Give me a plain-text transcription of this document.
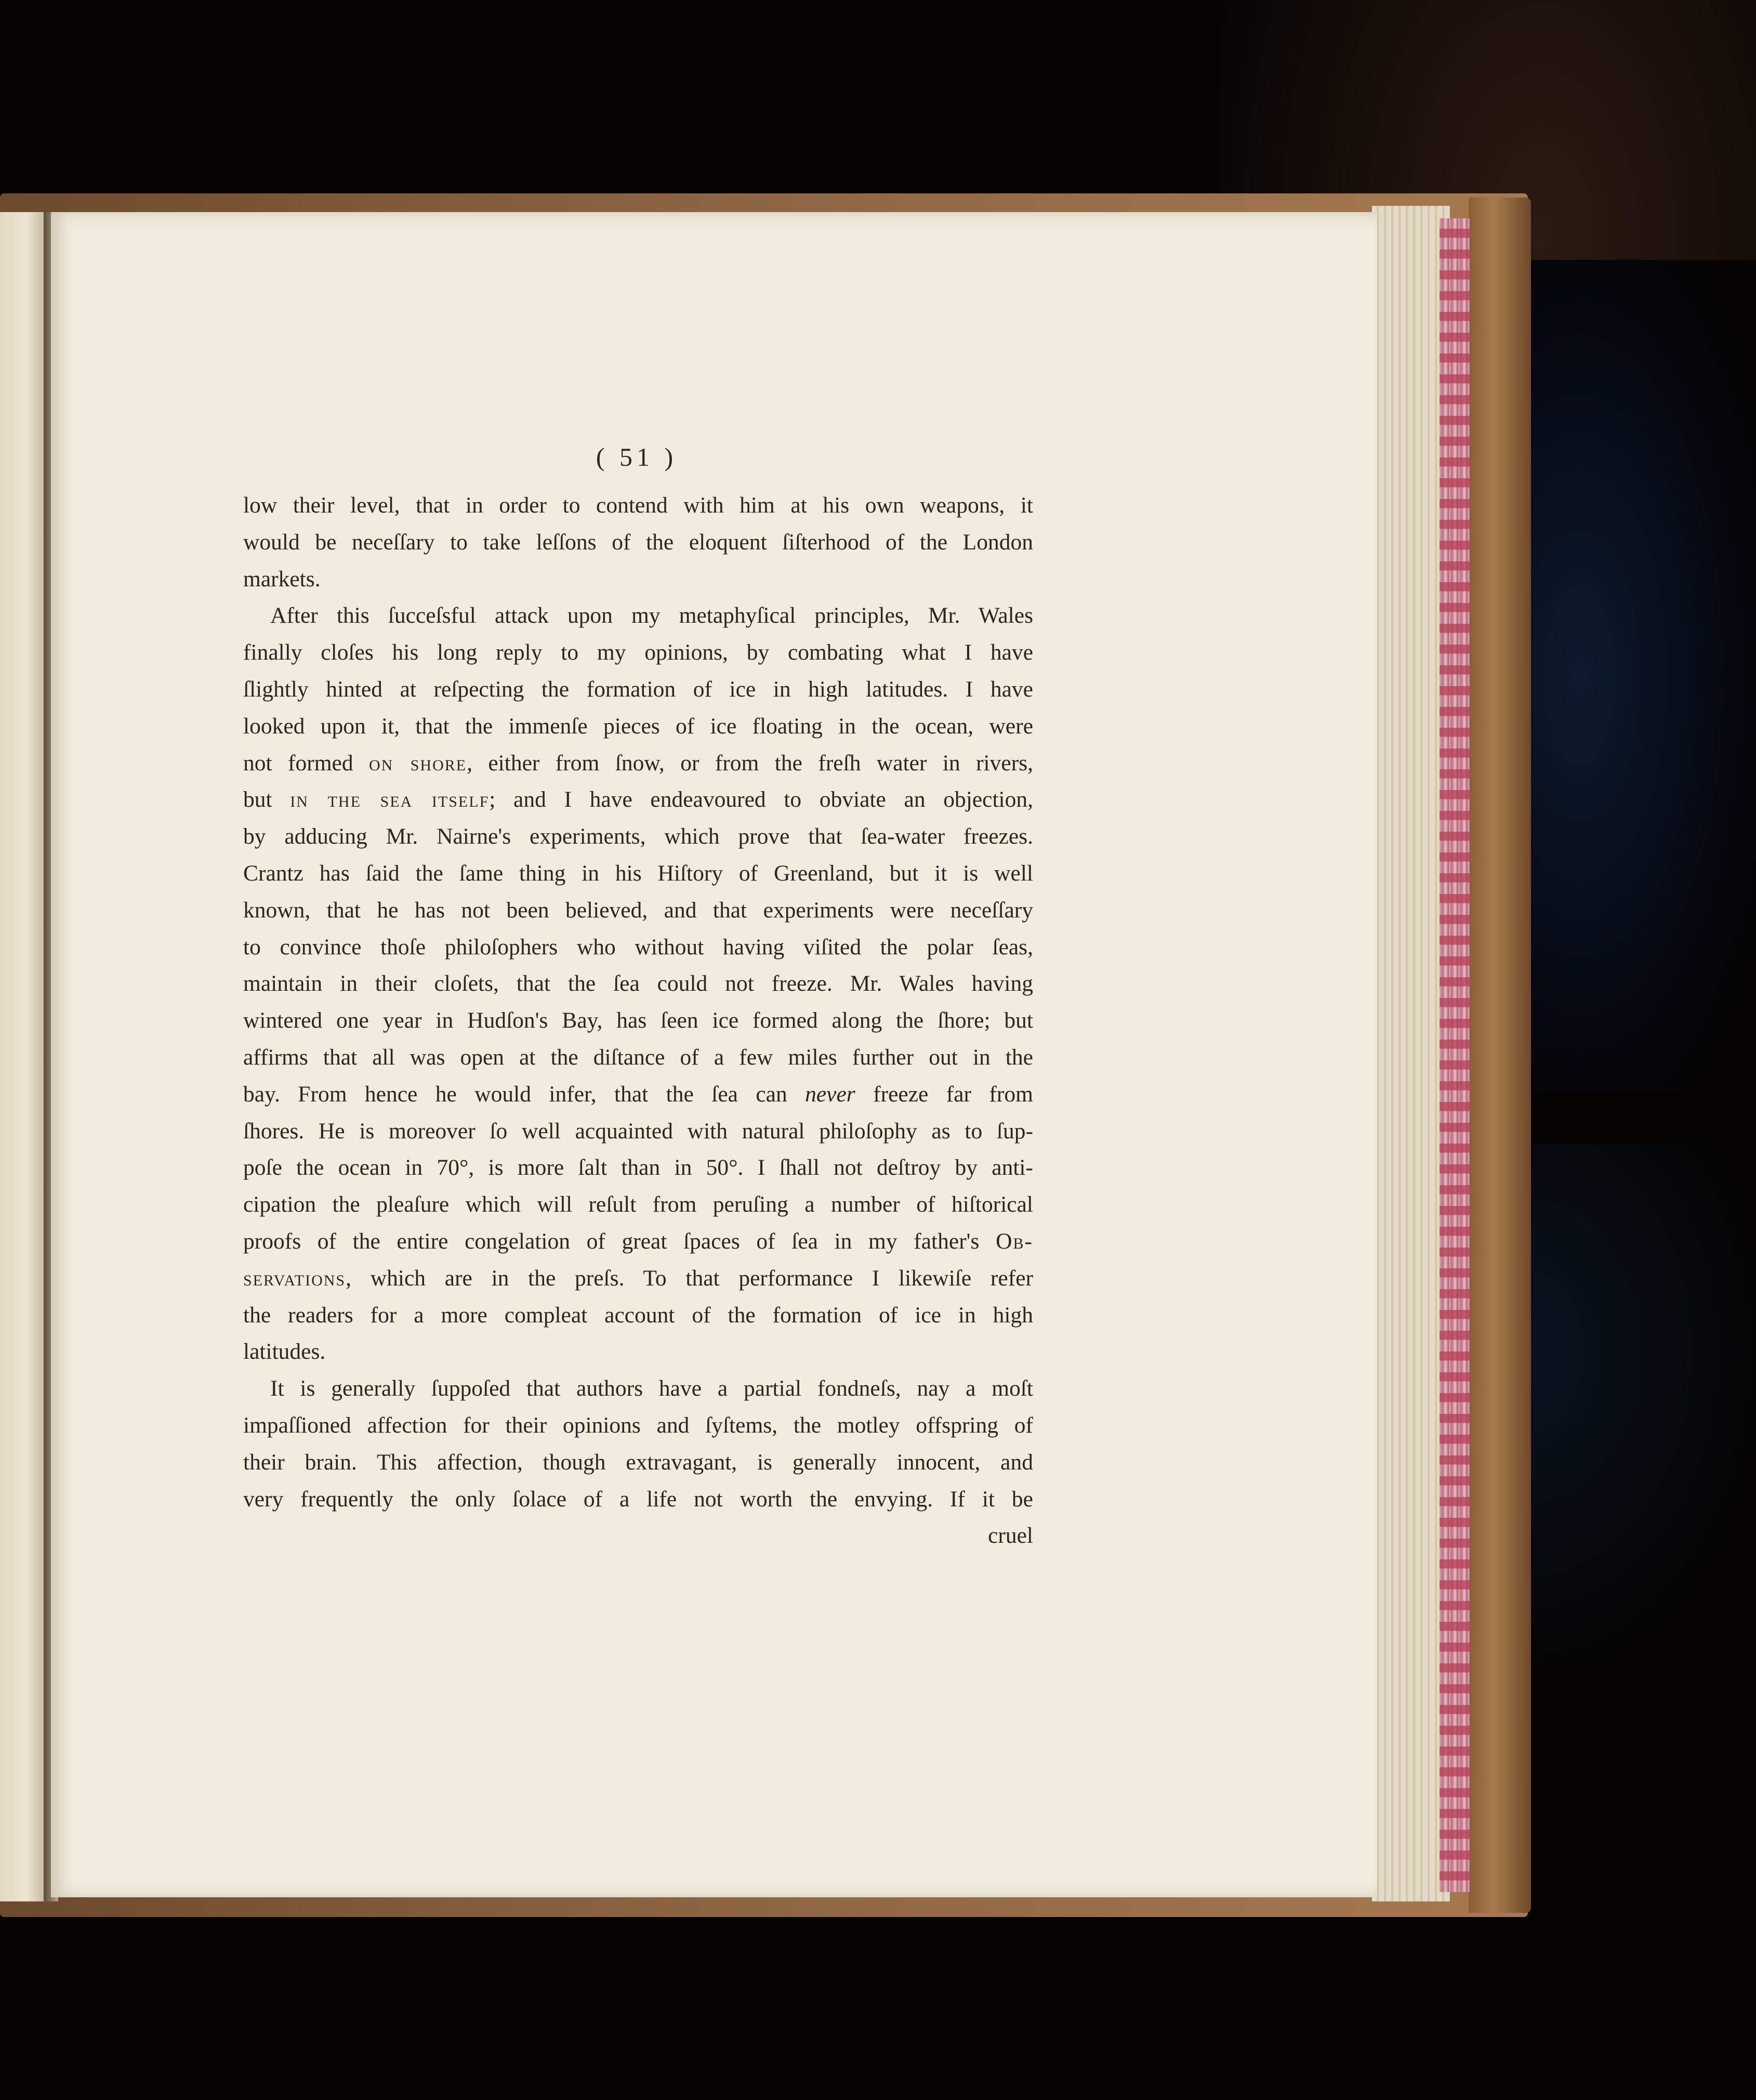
( 51 )
low their level, that in order to contend with him at his own weapons, it
would be neceſſary to take leſſons of the eloquent ſiſterhood of the London
markets.
After this ſucceſsful attack upon my metaphyſical principles, Mr. Wales
finally cloſes his long reply to my opinions, by combating what I have
ſlightly hinted at reſpecting the formation of ice in high latitudes. I have
looked upon it, that the immenſe pieces of ice floating in the ocean, were
not formed on shore, either from ſnow, or from the freſh water in rivers,
but in the sea itself; and I have endeavoured to obviate an objection,
by adducing Mr. Nairne's experiments, which prove that ſea-water freezes.
Crantz has ſaid the ſame thing in his Hiſtory of Greenland, but it is well
known, that he has not been believed, and that experiments were neceſſary
to convince thoſe philoſophers who without having viſited the polar ſeas,
maintain in their cloſets, that the ſea could not freeze. Mr. Wales having
wintered one year in Hudſon's Bay, has ſeen ice formed along the ſhore; but
affirms that all was open at the diſtance of a few miles further out in the
bay. From hence he would infer, that the ſea can never freeze far from
ſhores. He is moreover ſo well acquainted with natural philoſophy as to ſup-
poſe the ocean in 70°, is more ſalt than in 50°. I ſhall not deſtroy by anti-
cipation the pleaſure which will reſult from peruſing a number of hiſtorical
proofs of the entire congelation of great ſpaces of ſea in my father's Ob-
servations, which are in the preſs. To that performance I likewiſe refer
the readers for a more compleat account of the formation of ice in high
latitudes.
It is generally ſuppoſed that authors have a partial fondneſs, nay a moſt
impaſſioned affection for their opinions and ſyſtems, the motley offspring of
their brain. This affection, though extravagant, is generally innocent, and
very frequently the only ſolace of a life not worth the envying. If it be
cruel
